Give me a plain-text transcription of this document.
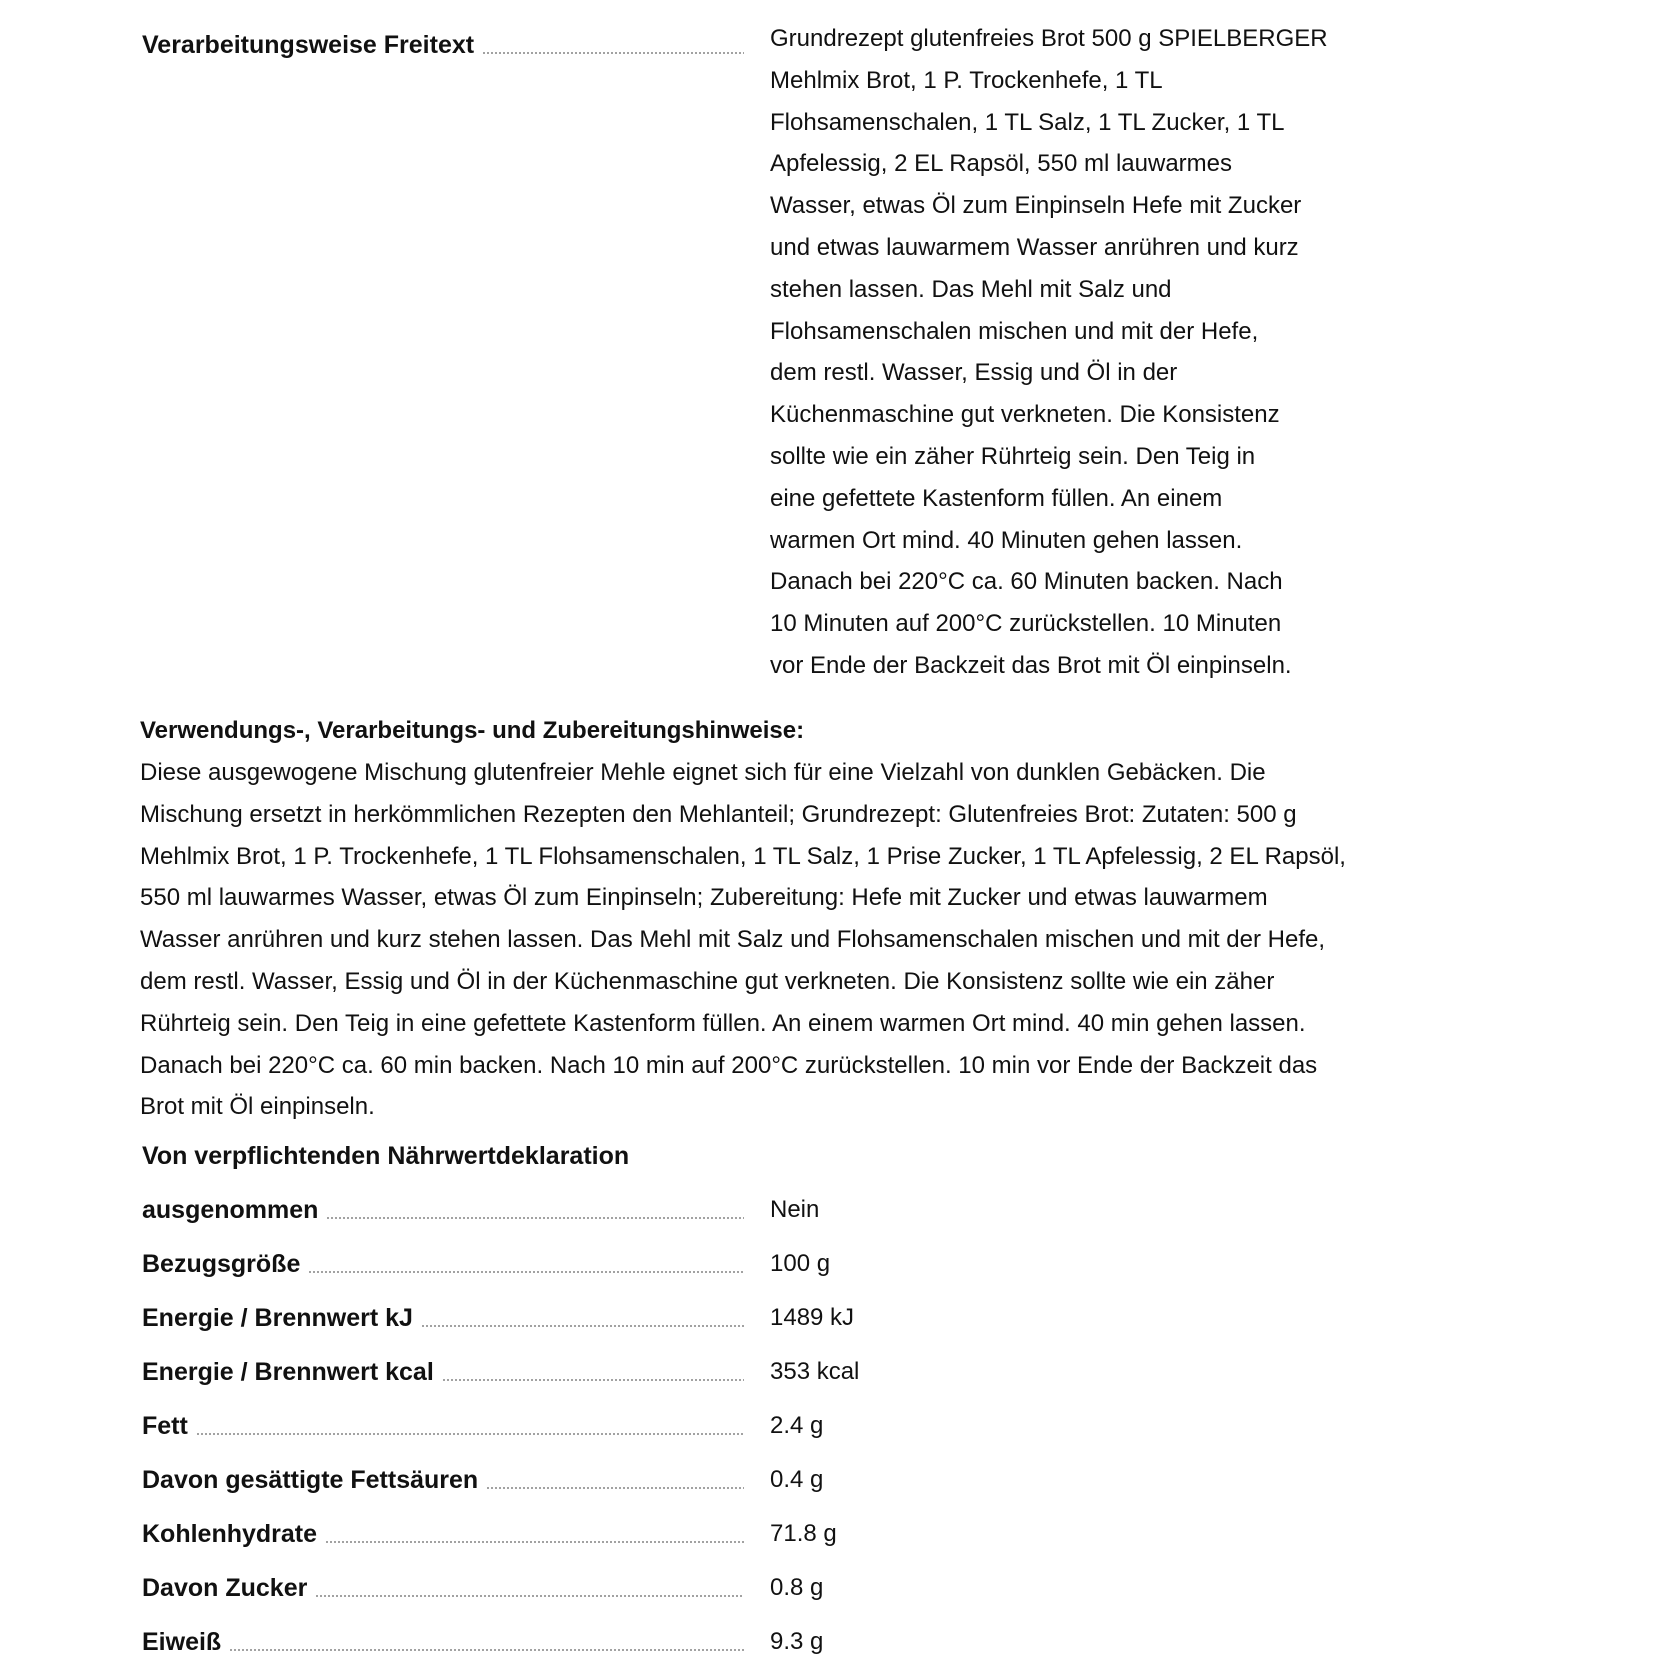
Verarbeitungsweise Freitext	Grundrezept glutenfreies Brot 500 g SPIELBERGER
Mehlmix Brot, 1 P. Trockenhefe, 1 TL
Flohsamenschalen, 1 TL Salz, 1 TL Zucker, 1 TL
Apfelessig, 2 EL Rapsöl, 550 ml lauwarmes
Wasser, etwas Öl zum Einpinseln Hefe mit Zucker
und etwas lauwarmem Wasser anrühren und kurz
stehen lassen. Das Mehl mit Salz und
Flohsamenschalen mischen und mit der Hefe,
dem restl. Wasser, Essig und Öl in der
Küchenmaschine gut verkneten. Die Konsistenz
sollte wie ein zäher Rührteig sein. Den Teig in
eine gefettete Kastenform füllen. An einem
warmen Ort mind. 40 Minuten gehen lassen.
Danach bei 220°C ca. 60 Minuten backen. Nach
10 Minuten auf 200°C zurückstellen. 10 Minuten
vor Ende der Backzeit das Brot mit Öl einpinseln.
Verwendungs-, Verarbeitungs- und Zubereitungshinweise:
Diese ausgewogene Mischung glutenfreier Mehle eignet sich für eine Vielzahl von dunklen Gebäcken. Die
Mischung ersetzt in herkömmlichen Rezepten den Mehlanteil; Grundrezept: Glutenfreies Brot: Zutaten: 500 g
Mehlmix Brot, 1 P. Trockenhefe, 1 TL Flohsamenschalen, 1 TL Salz, 1 Prise Zucker, 1 TL Apfelessig, 2 EL Rapsöl,
550 ml lauwarmes Wasser, etwas Öl zum Einpinseln; Zubereitung: Hefe mit Zucker und etwas lauwarmem
Wasser anrühren und kurz stehen lassen. Das Mehl mit Salz und Flohsamenschalen mischen und mit der Hefe,
dem restl. Wasser, Essig und Öl in der Küchenmaschine gut verkneten. Die Konsistenz sollte wie ein zäher
Rührteig sein. Den Teig in eine gefettete Kastenform füllen. An einem warmen Ort mind. 40 min gehen lassen.
Danach bei 220°C ca. 60 min backen. Nach 10 min auf 200°C zurückstellen. 10 min vor Ende der Backzeit das
Brot mit Öl einpinseln.
Von verpflichtenden Nährwertdeklaration
ausgenommen	Nein
Bezugsgröße	100 g
Energie / Brennwert kJ	1489 kJ
Energie / Brennwert kcal	353 kcal
Fett	2.4 g
Davon gesättigte Fettsäuren	0.4 g
Kohlenhydrate	71.8 g
Davon Zucker	0.8 g
Eiweiß	9.3 g
